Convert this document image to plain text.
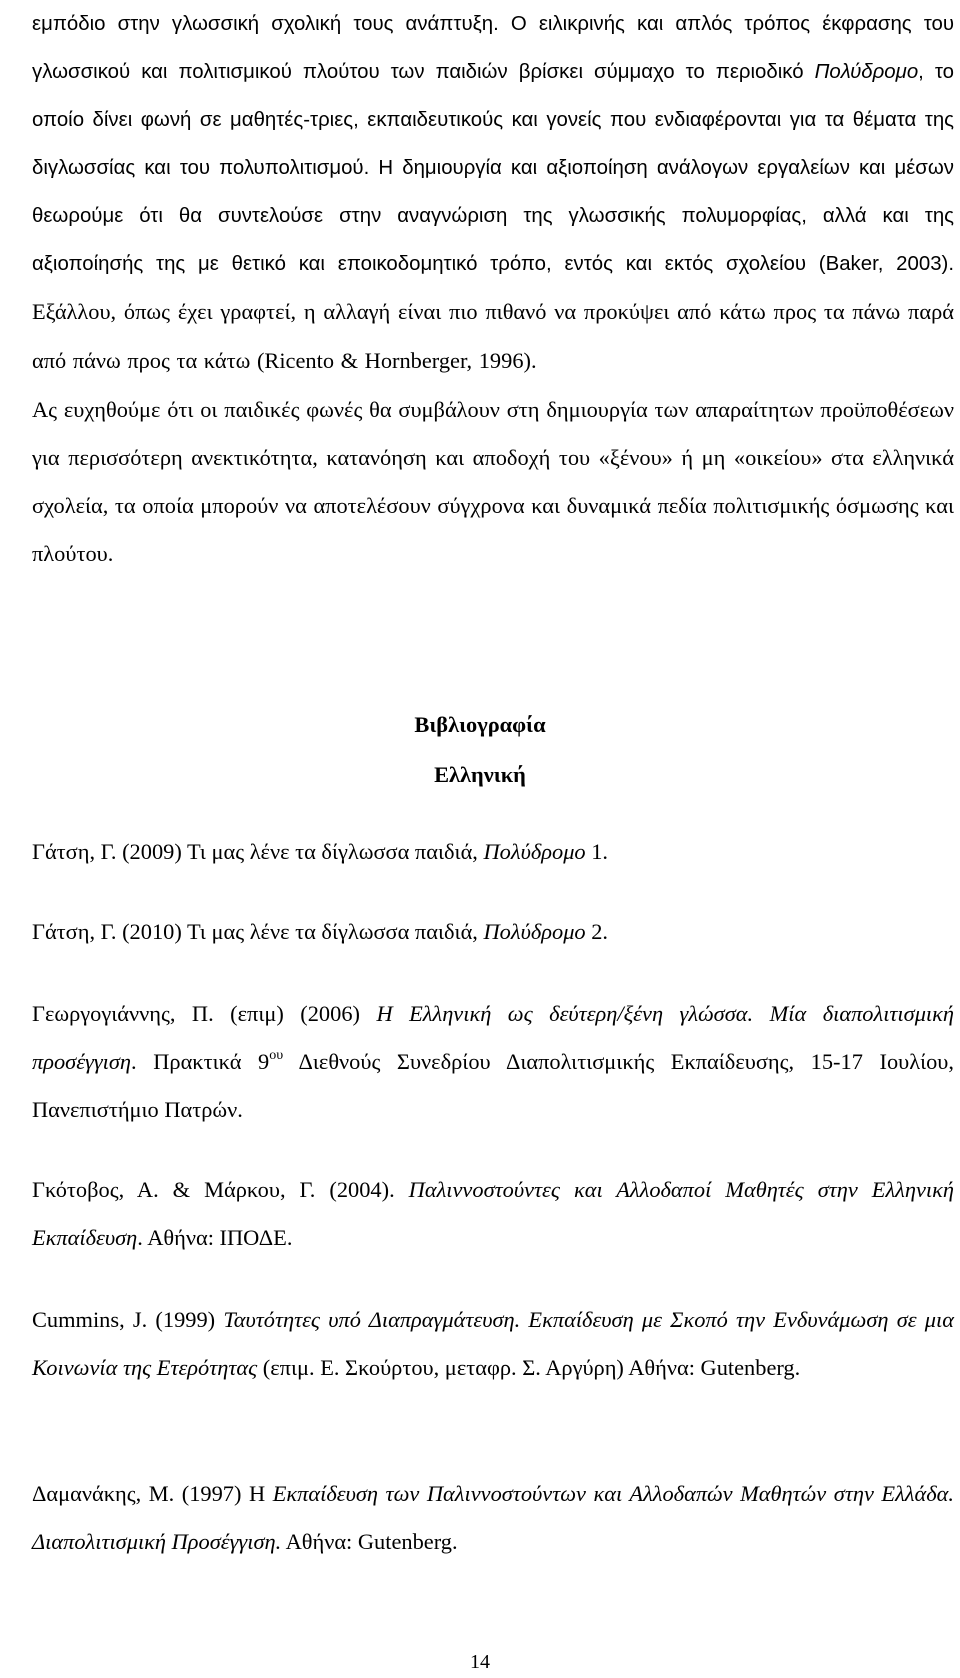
εμπόδιο στην γλωσσική σχολική τους ανάπτυξη. Ο ειλικρινής και απλός τρόπος έκφρασης του γλωσσικού και πολιτισμικού πλούτου των παιδιών βρίσκει σύμμαχο το περιοδικό Πολύδρομο, το οποίο δίνει φωνή σε μαθητές-τριες, εκπαιδευτικούς και γονείς που ενδιαφέρονται για τα θέματα της διγλωσσίας και του πολυπολιτισμού. Η δημιουργία και αξιοποίηση ανάλογων εργαλείων και μέσων θεωρούμε ότι θα συντελούσε στην αναγνώριση της γλωσσικής πολυμορφίας, αλλά και της αξιοποίησής της με θετικό και εποικοδομητικό τρόπο, εντός και εκτός σχολείου (Baker, 2003). Εξάλλου, όπως έχει γραφτεί, η αλλαγή είναι πιο πιθανό να προκύψει από κάτω προς τα πάνω παρά από πάνω προς τα κάτω (Ricento & Hornberger, 1996).

Ας ευχηθούμε ότι οι παιδικές φωνές θα συμβάλουν στη δημιουργία των απαραίτητων προϋποθέσεων για περισσότερη ανεκτικότητα, κατανόηση και αποδοχή του «ξένου» ή μη «οικείου» στα ελληνικά σχολεία, τα οποία μπορούν να αποτελέσουν σύγχρονα και δυναμικά πεδία πολιτισμικής όσμωσης και πλούτου.

Βιβλιογραφία
Ελληνική

Γάτση, Γ. (2009) Τι μας λένε τα δίγλωσσα παιδιά, Πολύδρομο 1.

Γάτση, Γ. (2010) Τι μας λένε τα δίγλωσσα παιδιά, Πολύδρομο 2.

Γεωργογιάννης, Π. (επιμ) (2006) Η Ελληνική ως δεύτερη/ξένη γλώσσα. Μία διαπολιτισμική προσέγγιση. Πρακτικά $9^{o\upsilon}$ Διεθνούς Συνεδρίου Διαπολιτισμικής Εκπαίδευσης, 15-17 Ιουλίου, Πανεπιστήμιο Πατρών.

Γκότοβος, Α. & Μάρκου, Γ. (2004). Παλιννοστούντες και Αλλοδαποί Μαθητές στην Ελληνική Εκπαίδευση. Αθήνα: ΙΠΟΔΕ.

Cummins, J. (1999) Ταυτότητες υπό Διαπραγμάτευση. Εκπαίδευση με Σκοπό την Ενδυνάμωση σε μια Κοινωνία της Ετερότητας (επιμ. Ε. Σκούρτου, μεταφρ. Σ. Αργύρη) Αθήνα: Gutenberg.

Δαμανάκης, Μ. (1997) Η Εκπαίδευση των Παλιννοστούντων και Αλλοδαπών Μαθητών στην Ελλάδα. Διαπολιτισμική Προσέγγιση. Αθήνα: Gutenberg.

14
